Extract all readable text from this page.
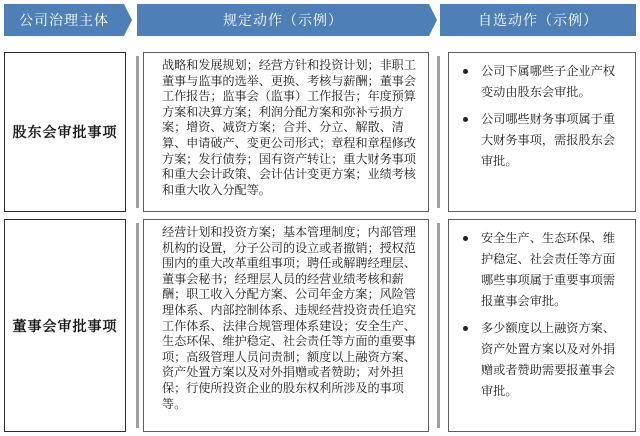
公司治理主体	规定动作（示例）	自选动作（示例）
股东会审批事项
战略和发展规划；经营方针和投资计划；非职工董事与监事的选举、更换、考核与薪酬；董事会工作报告；监事会（监事）工作报告；年度预算方案和决算方案；利润分配方案和弥补亏损方案；增资、减资方案；合并、分立、解散、清算、申请破产、变更公司形式；章程和章程修改方案；发行债券；国有资产转让；重大财务事项和重大会计政策、会计估计变更方案；业绩考核和重大收入分配等。
公司下属哪些子企业产权变动由股东会审批。
公司哪些财务事项属于重大财务事项，需报股东会审批。
董事会审批事项
经营计划和投资方案；基本管理制度；内部管理机构的设置，分子公司的设立或者撤销；授权范围内的重大改革重组事项；聘任或解聘经理层、董事会秘书；经理层人员的经营业绩考核和薪酬；职工收入分配方案、公司年金方案；风险管理体系、内部控制体系、违规经营投资责任追究工作体系、法律合规管理体系建设；安全生产、生态环保、维护稳定、社会责任等方面的重要事项；高级管理人员问责制；额度以上融资方案、资产处置方案以及对外捐赠或者赞助；对外担保；行使所投资企业的股东权利所涉及的事项等。
安全生产、生态环保、维护稳定、社会责任等方面哪些事项属于重要事项需报董事会审批。
多少额度以上融资方案、资产处置方案以及对外捐赠或者赞助需要报董事会审批。
